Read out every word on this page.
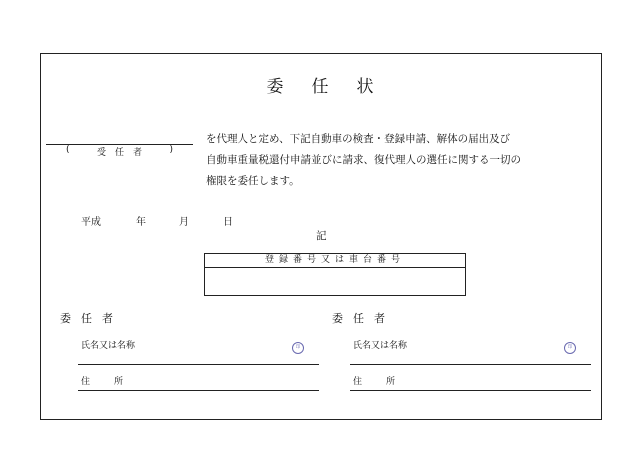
委任状
(	受　任　者	)
を代理人と定め、下記自動車の検査・登録申請、解体の届出及び
自動車重量税還付申請並びに請求、復代理人の選任に関する一切の
権限を委任します。
平成	年	月	日
記
登録番号又は車台番号
委任者
氏名又は名称	印
住所
委任者
氏名又は名称	印
住所
